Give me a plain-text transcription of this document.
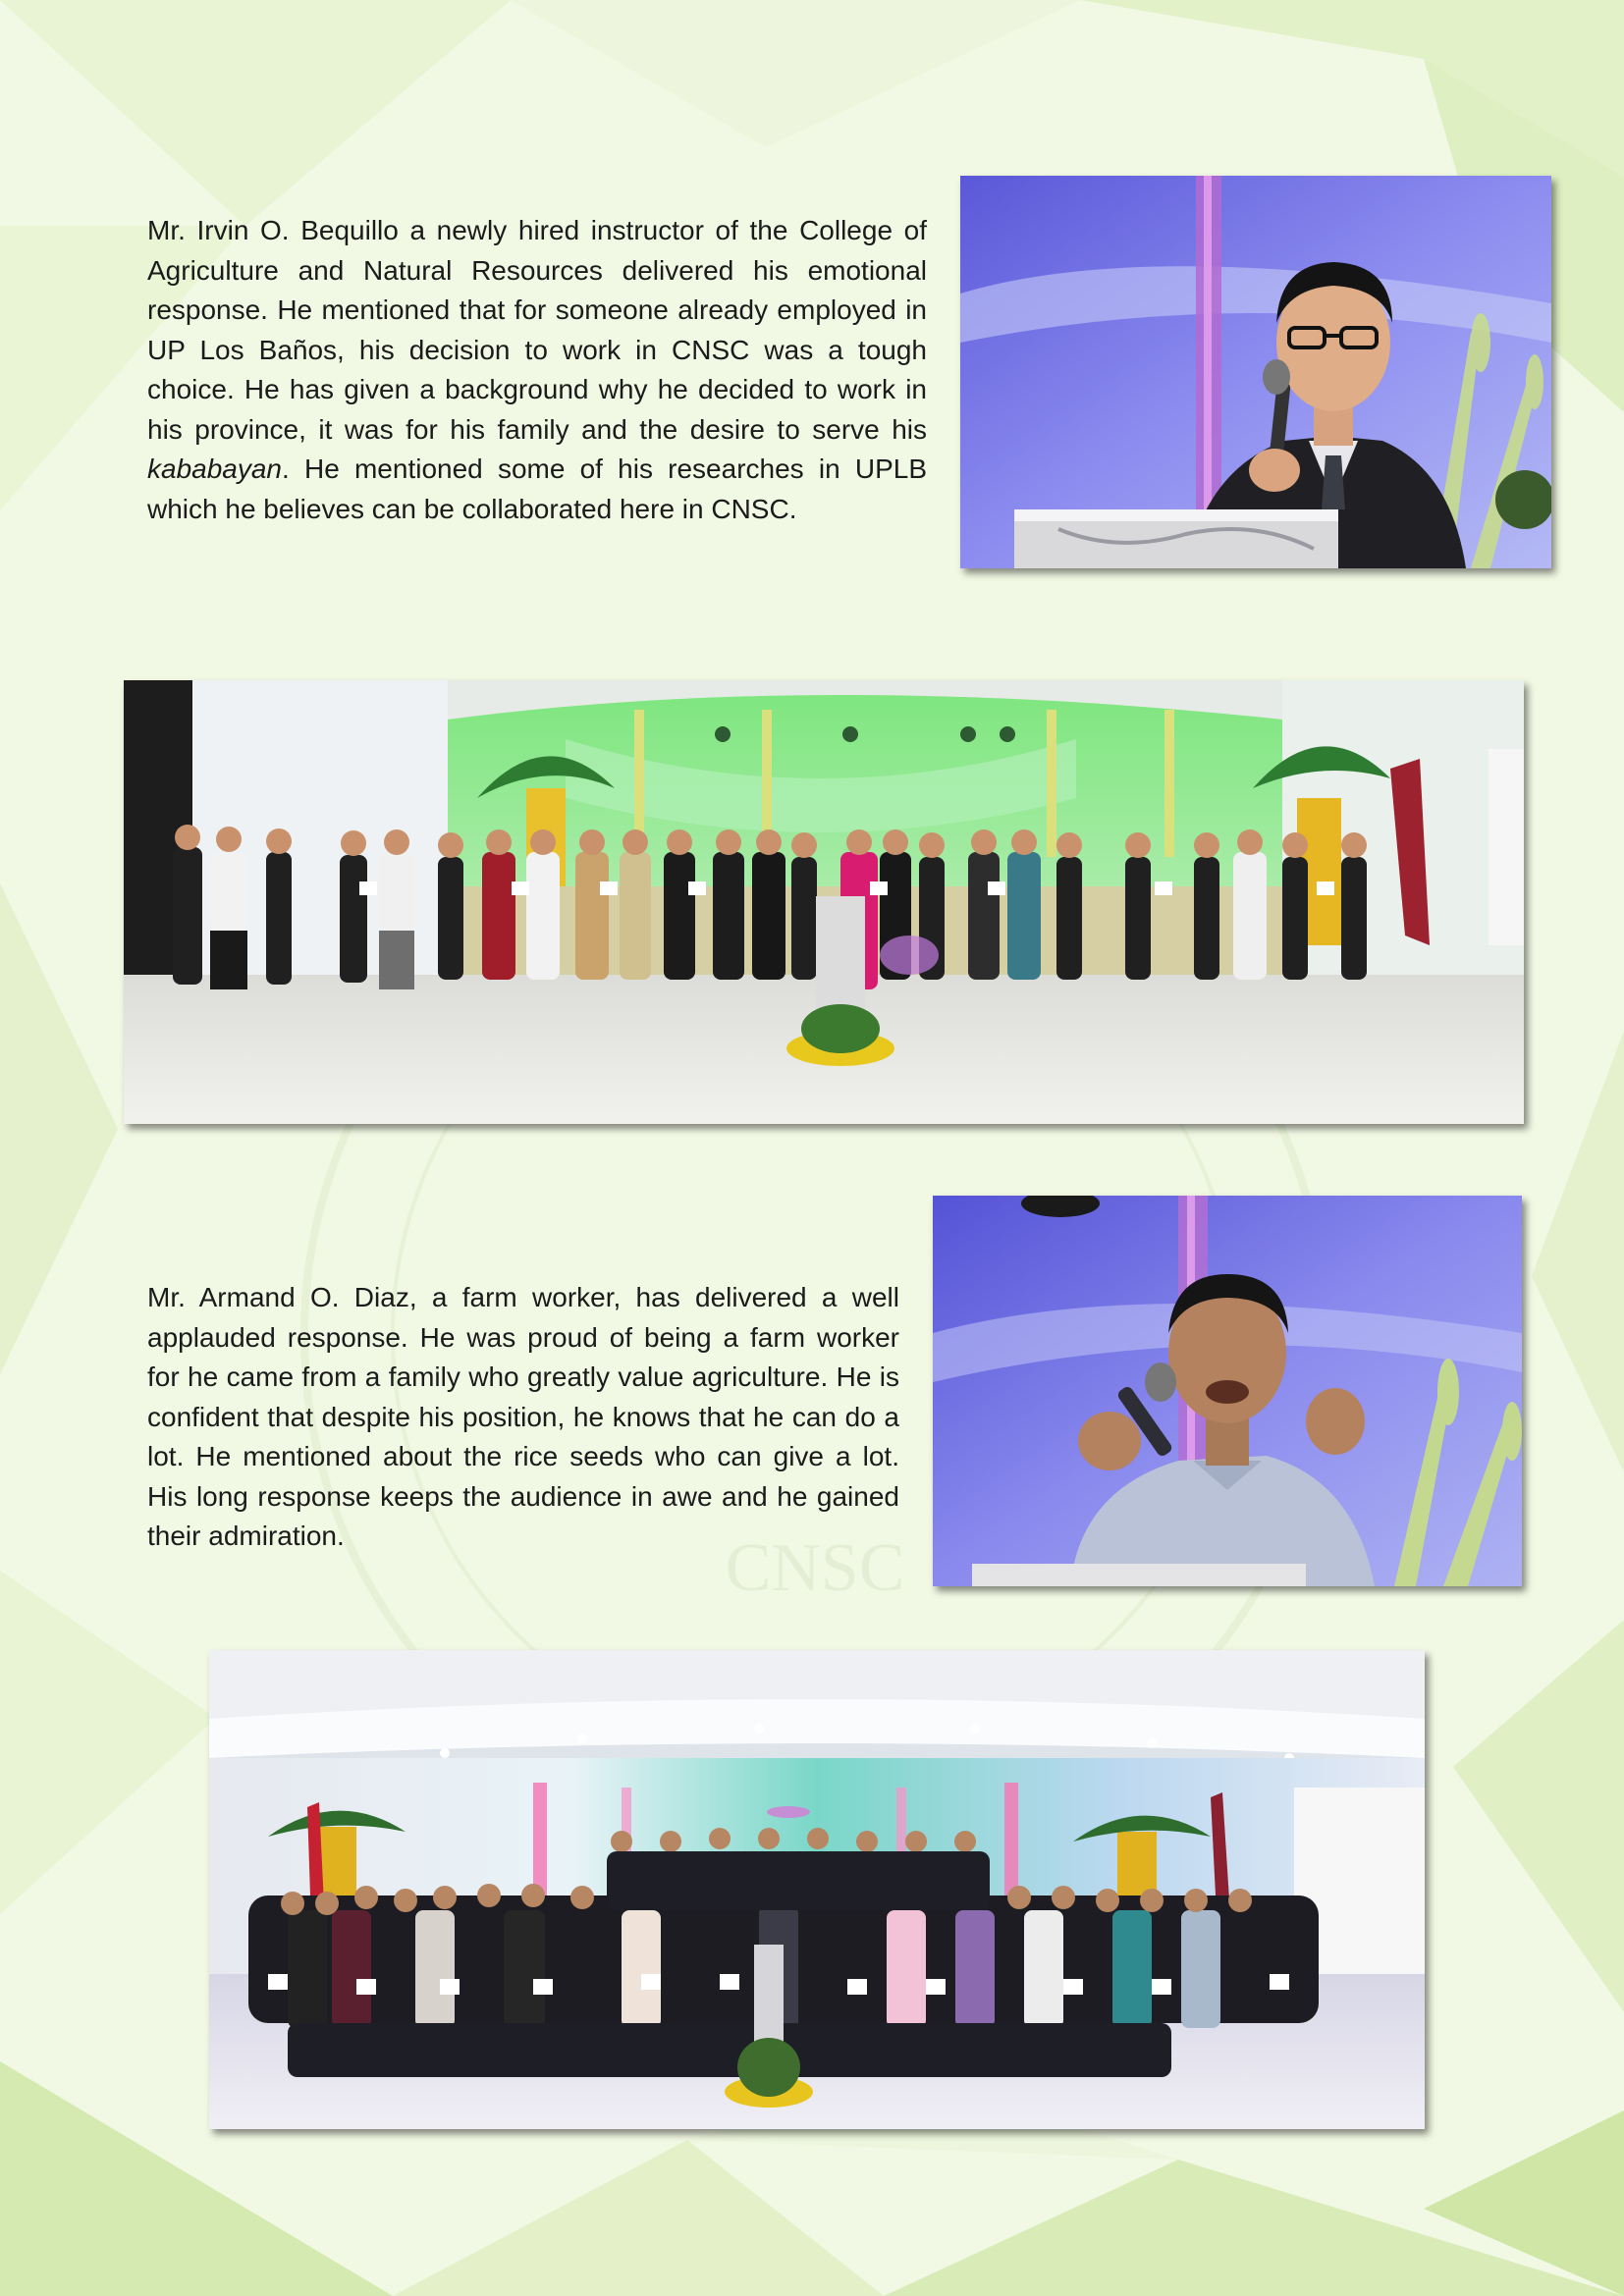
CNSC

Mr. Irvin O. Bequillo a newly hired instructor of the College of Agriculture and Natural Resources delivered his emotional response. He mentioned that for someone already employed in UP Los Baños, his decision to work in CNSC was a tough choice. He has given a background why he decided to work in his province, it was for his family and the desire to serve his kababayan. He mentioned some of his researches in UPLB which he believes can be collaborated here in CNSC.

Mr. Armand O. Diaz, a farm worker, has delivered a well applauded response. He was proud of being a farm worker for he came from a family who greatly value agriculture. He is confident that despite his position, he knows that he can do a lot. He mentioned about the rice seeds who can give a lot. His long response keeps the audience in awe and he gained their admiration.
